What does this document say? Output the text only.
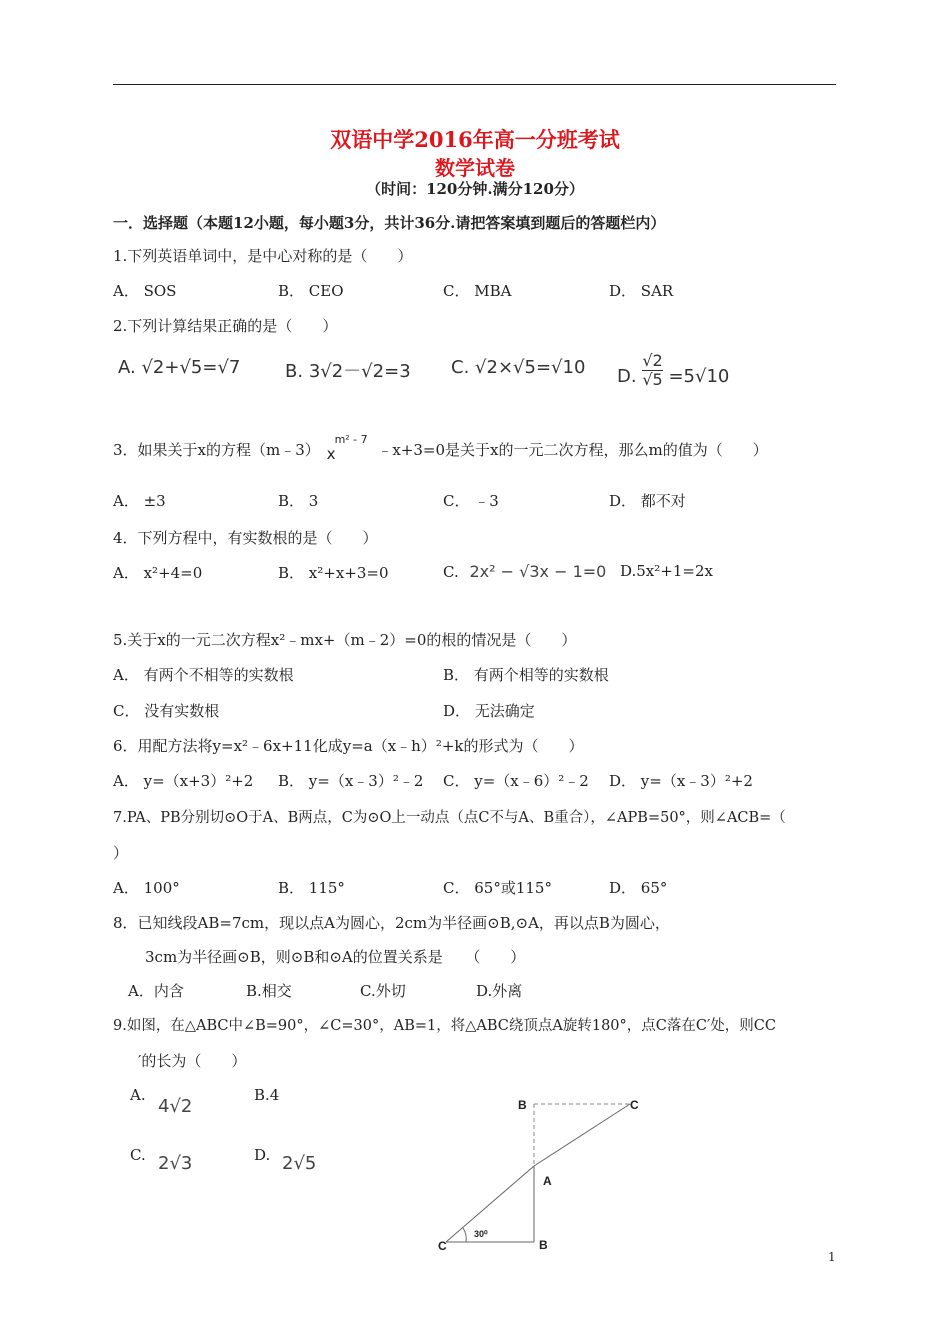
双语中学2016年高一分班考试
数学试卷
（时间：120分钟.满分120分）
一．选择题（本题12小题，每小题3分，共计36分.请把答案填到题后的答题栏内）
1.下列英语单词中，是中心对称的是（　　）
A． SOS	B． CEO	C． MBA	D． SAR
2.下列计算结果正确的是（　　）
A. √2+√5=√7 B. 3√2－√2=3 C. √2×√5=√10 D. $\frac{√2}{√5} =5√10$
3．如果关于x的方程（m﹣3） x
m² - 7
﹣x+3=0是关于x的一元二次方程，那么m的值为（　　）
A． ±3	B． 3	C． ﹣3	D． 都不对
4．下列方程中，有实数根的是（　　）
A． x²+4=0	B． x²+x+3=0	C. 2x² − √3x − 1=0 D.5x²+1=2x
5.关于x的一元二次方程x²﹣mx+（m﹣2）=0的根的情况是（　　）
A． 有两个不相等的实数根	B． 有两个相等的实数根
C． 没有实数根	D． 无法确定
6．用配方法将y=x²﹣6x+11化成y=a（x﹣h）²+k的形式为（　　）
A． y=（x+3）²+2 B． y=（x﹣3）²﹣2 C． y=（x﹣6）²﹣2 D． y=（x﹣3）²+2
7.PA、PB分别切⊙O于A、B两点，C为⊙O上一动点（点C不与A、B重合），∠APB=50°，则∠ACB=（
）
A． 100°	B． 115°	C． 65°或115°	D． 65°
8．已知线段AB=7cm，现以点A为圆心，2cm为半径画⊙B,⊙A，再以点B为圆心，
3cm为半径画⊙B，则⊙B和⊙A的位置关系是　　（　　）
A．内含	B.相交	C.外切	D.外离
9.如图，在△ABC中∠B=90°，∠C=30°，AB=1，将△ABC绕顶点A旋转180°，点C落在C′处，则CC
′的长为（　　）
A.
4√2
B.4
C. 2√3	D. 2√5
B	C
A
C	B
30⁰
1
